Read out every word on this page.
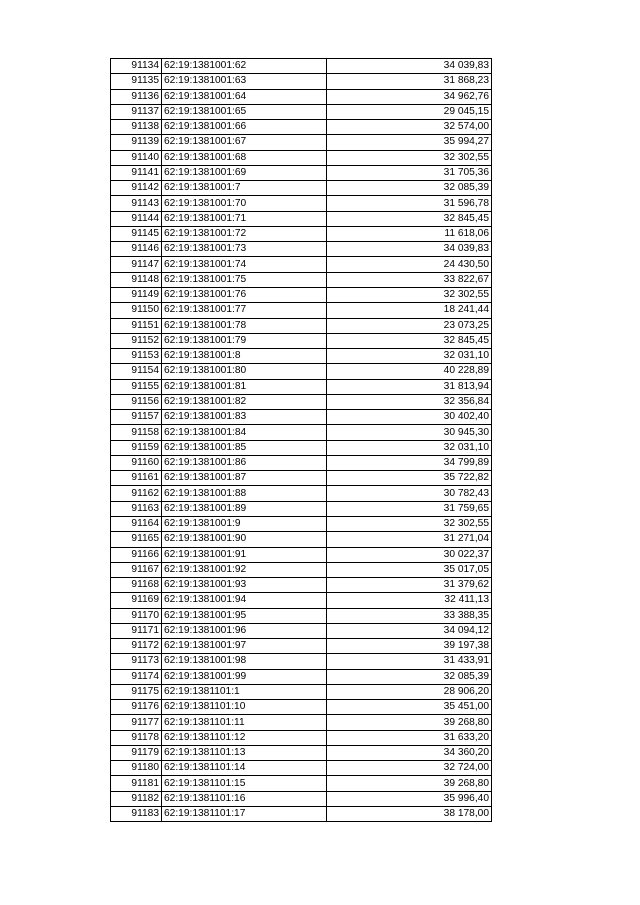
91134	62:19:1381001:62	34 039,83
91135	62:19:1381001:63	31 868,23
91136	62:19:1381001:64	34 962,76
91137	62:19:1381001:65	29 045,15
91138	62:19:1381001:66	32 574,00
91139	62:19:1381001:67	35 994,27
91140	62:19:1381001:68	32 302,55
91141	62:19:1381001:69	31 705,36
91142	62:19:1381001:7	32 085,39
91143	62:19:1381001:70	31 596,78
91144	62:19:1381001:71	32 845,45
91145	62:19:1381001:72	11 618,06
91146	62:19:1381001:73	34 039,83
91147	62:19:1381001:74	24 430,50
91148	62:19:1381001:75	33 822,67
91149	62:19:1381001:76	32 302,55
91150	62:19:1381001:77	18 241,44
91151	62:19:1381001:78	23 073,25
91152	62:19:1381001:79	32 845,45
91153	62:19:1381001:8	32 031,10
91154	62:19:1381001:80	40 228,89
91155	62:19:1381001:81	31 813,94
91156	62:19:1381001:82	32 356,84
91157	62:19:1381001:83	30 402,40
91158	62:19:1381001:84	30 945,30
91159	62:19:1381001:85	32 031,10
91160	62:19:1381001:86	34 799,89
91161	62:19:1381001:87	35 722,82
91162	62:19:1381001:88	30 782,43
91163	62:19:1381001:89	31 759,65
91164	62:19:1381001:9	32 302,55
91165	62:19:1381001:90	31 271,04
91166	62:19:1381001:91	30 022,37
91167	62:19:1381001:92	35 017,05
91168	62:19:1381001:93	31 379,62
91169	62:19:1381001:94	32 411,13
91170	62:19:1381001:95	33 388,35
91171	62:19:1381001:96	34 094,12
91172	62:19:1381001:97	39 197,38
91173	62:19:1381001:98	31 433,91
91174	62:19:1381001:99	32 085,39
91175	62:19:1381101:1	28 906,20
91176	62:19:1381101:10	35 451,00
91177	62:19:1381101:11	39 268,80
91178	62:19:1381101:12	31 633,20
91179	62:19:1381101:13	34 360,20
91180	62:19:1381101:14	32 724,00
91181	62:19:1381101:15	39 268,80
91182	62:19:1381101:16	35 996,40
91183	62:19:1381101:17	38 178,00
